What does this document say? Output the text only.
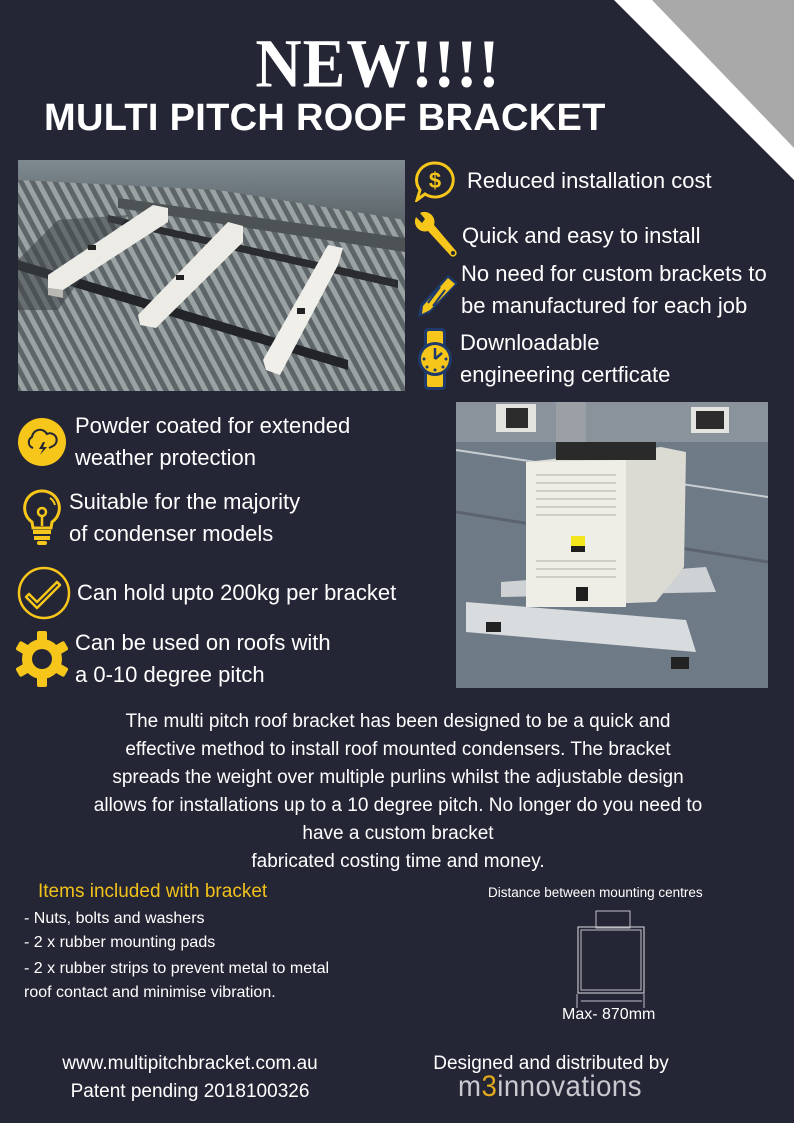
NEW!!!!
MULTI PITCH ROOF BRACKET
$ Reduced installation cost
Quick and easy to install
No need for custom brackets to
be manufactured for each job
Downloadable
engineering certficate
Powder coated for extended
weather protection
Suitable for the majority
of condenser models
Can hold upto 200kg per bracket
Can be used on roofs with
a 0-10 degree pitch

The multi pitch roof bracket has been designed to be a quick and

effective method to install roof mounted condensers. The bracket

spreads the weight over multiple purlins whilst the adjustable design

allows for installations up to a 10 degree pitch. No longer do you need to

have a custom bracket

fabricated costing time and money.

Items included with bracket
- Nuts, bolts and washers
- 2 x rubber mounting pads
- 2 x rubber strips to prevent metal to metal
roof contact and minimise vibration.
Distance between mounting centres
Max- 870mm
www.multipitchbracket.com.au
Patent pending 2018100326
Designed and distributed by
m3innovations
